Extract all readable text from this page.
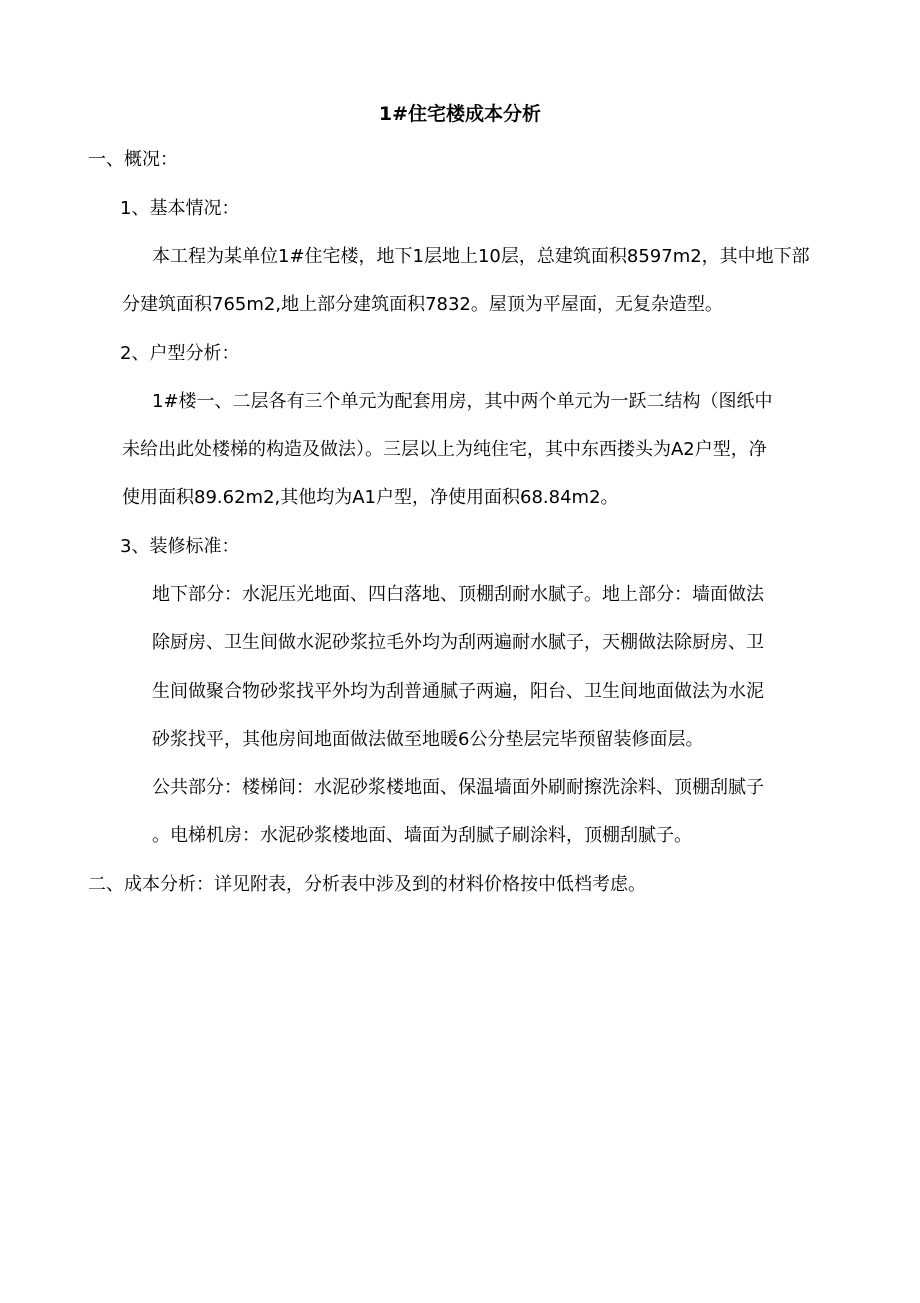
1#住宅楼成本分析
一、概况：
1、基本情况：
本工程为某单位1#住宅楼，地下1层地上10层，总建筑面积8597m2，其中地下部
分建筑面积765m2,地上部分建筑面积7832。屋顶为平屋面，无复杂造型。
2、户型分析：
1#楼一、二层各有三个单元为配套用房，其中两个单元为一跃二结构（图纸中
未给出此处楼梯的构造及做法）。三层以上为纯住宅，其中东西搂头为A2户型，净
使用面积89.62m2,其他均为A1户型，净使用面积68.84m2。
3、装修标准：
地下部分：水泥压光地面、四白落地、顶棚刮耐水腻子。地上部分：墙面做法
除厨房、卫生间做水泥砂浆拉毛外均为刮两遍耐水腻子，天棚做法除厨房、卫
生间做聚合物砂浆找平外均为刮普通腻子两遍，阳台、卫生间地面做法为水泥
砂浆找平，其他房间地面做法做至地暖6公分垫层完毕预留装修面层。
公共部分：楼梯间：水泥砂浆楼地面、保温墙面外刷耐擦洗涂料、顶棚刮腻子
。电梯机房：水泥砂浆楼地面、墙面为刮腻子刷涂料，顶棚刮腻子。
二、成本分析：详见附表，分析表中涉及到的材料价格按中低档考虑。
